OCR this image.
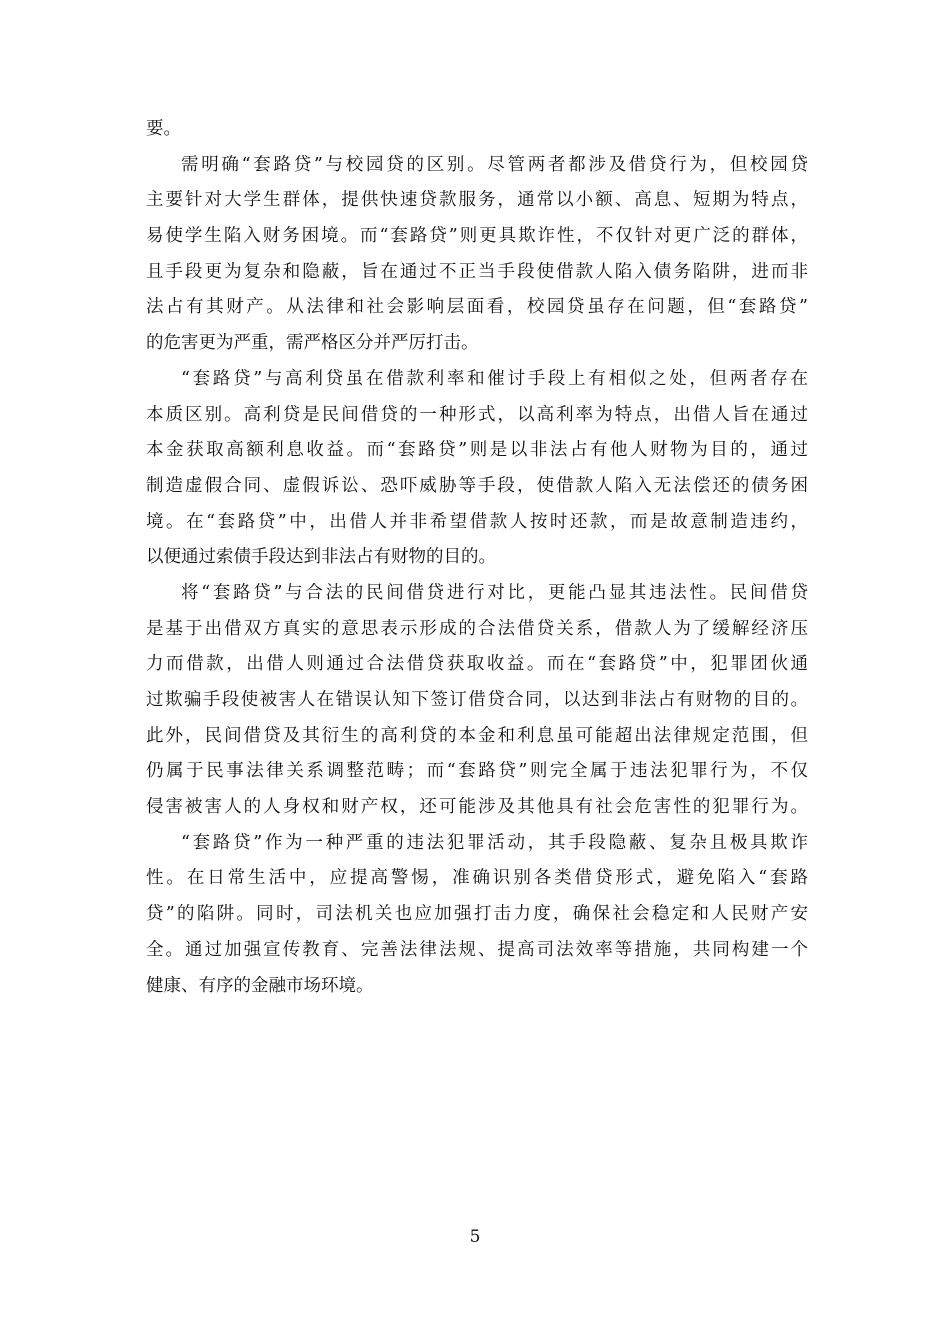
要。
需明确“套路贷”与校园贷的区别。尽管两者都涉及借贷行为，但校园贷
主要针对大学生群体，提供快速贷款服务，通常以小额、高息、短期为特点，
易使学生陷入财务困境。而“套路贷”则更具欺诈性，不仅针对更广泛的群体，
且手段更为复杂和隐蔽，旨在通过不正当手段使借款人陷入债务陷阱，进而非
法占有其财产。从法律和社会影响层面看，校园贷虽存在问题，但“套路贷”
的危害更为严重，需严格区分并严厉打击。
“套路贷”与高利贷虽在借款利率和催讨手段上有相似之处，但两者存在
本质区别。高利贷是民间借贷的一种形式，以高利率为特点，出借人旨在通过
本金获取高额利息收益。而“套路贷”则是以非法占有他人财物为目的，通过
制造虚假合同、虚假诉讼、恐吓威胁等手段，使借款人陷入无法偿还的债务困
境。在“套路贷”中，出借人并非希望借款人按时还款，而是故意制造违约，
以便通过索债手段达到非法占有财物的目的。
将“套路贷”与合法的民间借贷进行对比，更能凸显其违法性。民间借贷
是基于出借双方真实的意思表示形成的合法借贷关系，借款人为了缓解经济压
力而借款，出借人则通过合法借贷获取收益。而在“套路贷”中，犯罪团伙通
过欺骗手段使被害人在错误认知下签订借贷合同，以达到非法占有财物的目的。
此外，民间借贷及其衍生的高利贷的本金和利息虽可能超出法律规定范围，但
仍属于民事法律关系调整范畴；而“套路贷”则完全属于违法犯罪行为，不仅
侵害被害人的人身权和财产权，还可能涉及其他具有社会危害性的犯罪行为。
“套路贷”作为一种严重的违法犯罪活动，其手段隐蔽、复杂且极具欺诈
性。在日常生活中，应提高警惕，准确识别各类借贷形式，避免陷入“套路
贷”的陷阱。同时，司法机关也应加强打击力度，确保社会稳定和人民财产安
全。通过加强宣传教育、完善法律法规、提高司法效率等措施，共同构建一个
健康、有序的金融市场环境。
5
